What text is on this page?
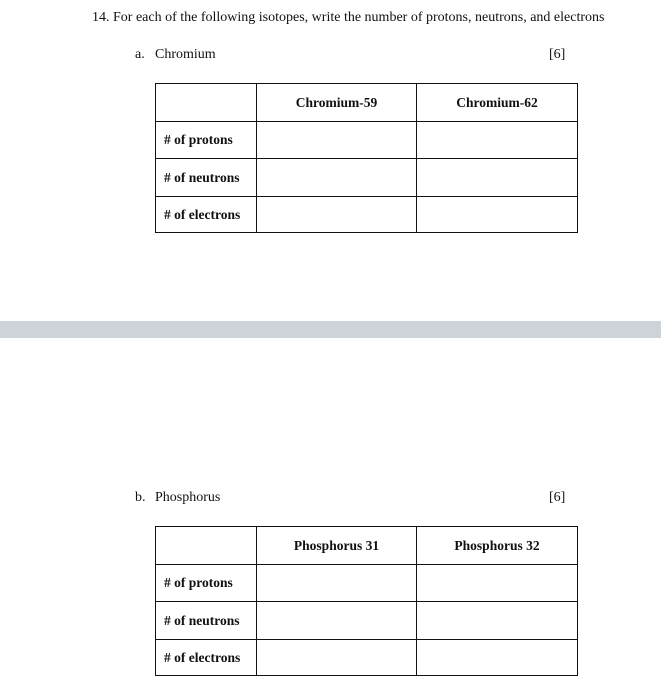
14. For each of the following isotopes, write the number of protons, neutrons, and electrons
a. Chromium	[6]
	Chromium-59	Chromium-62
# of protons		
# of neutrons		
# of electrons		
b. Phosphorus	[6]
	Phosphorus 31	Phosphorus 32
# of protons		
# of neutrons		
# of electrons		
